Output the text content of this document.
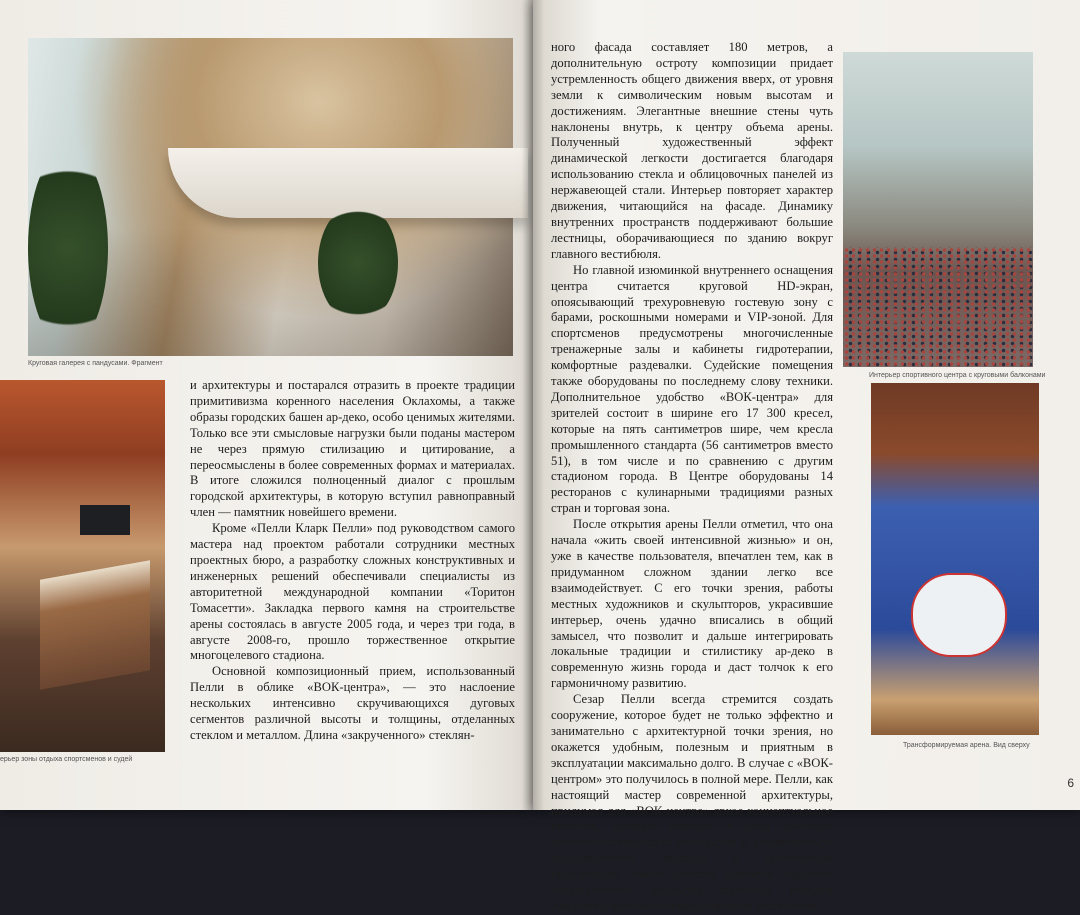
Круговая галерея с пандусами. Фрагмент
ерьер зоны отдыха спортсменов и судей

и архитектуры и постарался отразить в проекте традиции примитивизма коренного населения Оклахомы, а также образы городских башен ар-деко, особо ценимых жителями. Только все эти смысловые нагрузки были поданы мастером не через прямую стилизацию и цитирование, а переосмыслены в более современных формах и материалах. В итоге сложился полноценный диалог с прошлым городской архитектуры, в которую вступил равноправный член — памятник новейшего времени.

Кроме «Пелли Кларк Пелли» под руководством самого мастера над проектом работали сотрудники местных проектных бюро, а разработку сложных конструктивных и инженерных решений обеспечивали специалисты из авторитетной международной компании «Торитон Томасетти». Закладка первого камня на строительстве арены состоялась в августе 2005 года, и через три года, в августе 2008-го, прошло торжественное открытие многоцелевого стадиона.

Основной композиционный прием, использованный Пелли в облике «ВОК-центра», — это наслоение нескольких интенсивно скручивающихся дуговых сегментов различной высоты и толщины, отделанных стеклом и металлом. Длина «закрученного» стеклян-

ного фасада составляет 180 метров, а дополнительную остроту композиции придает устремленность общего движения вверх, от уровня земли к символическим новым высотам и достижениям. Элегантные внешние стены чуть наклонены внутрь, к центру объема арены. Полученный художественный эффект динамической легкости достигается благодаря использованию стекла и облицовочных панелей из нержавеющей стали. Интерьер повторяет характер движения, читающийся на фасаде. Динамику внутренних пространств поддерживают большие лестницы, оборачивающиеся по зданию вокруг главного вестибюля.

Но главной изюминкой внутреннего оснащения центра считается круговой HD-экран, опоясывающий трехуровневую гостевую зону с барами, роскошными номерами и VIP-зоной. Для спортсменов предусмотрены многочисленные тренажерные залы и кабинеты гидротерапии, комфортные раздевалки. Судейские помещения также оборудованы по последнему слову техники. Дополнительное удобство «ВОК-центра» для зрителей состоит в ширине его 17 300 кресел, которые на пять сантиметров шире, чем кресла промышленного стандарта (56 сантиметров вместо 51), в том числе и по сравнению с другим стадионом города. В Центре оборудованы 14 ресторанов с кулинарными традициями разных стран и торговая зона.

После открытия арены Пелли отметил, что она начала «жить своей интенсивной жизнью» и он, уже в качестве пользователя, впечатлен тем, как в придуманном сложном здании легко все взаимодействует. С его точки зрения, работы местных художников и скульпторов, украсившие интерьер, очень удачно вписались в общий замысел, что позволит и дальше интегрировать локальные традиции и стилистику ар-деко в современную жизнь города и даст толчок к его гармоничному развитию.

Сезар Пелли всегда стремится создать сооружение, которое будет не только эффектно и занимательно с архитектурной точки зрения, но окажется удобным, полезным и приятным в эксплуатации максимально долго. В случае с «ВОК-центром» это получилось в полной мере. Пелли, как настоящий мастер современной архитектуры, придумал для «ВОК-центра» яркое концептуальное решение, которое впитало в себя смелость деконструктивистских контрастов и утилитарность модернистского подхода к организации пространств, умело сочетая наивную простоту традиционного искусства коренных народов Америки с возможностями новейших технологий.

Интерьер спортивного центра с круговыми балконами
Трансформируемая арена. Вид сверху
6
